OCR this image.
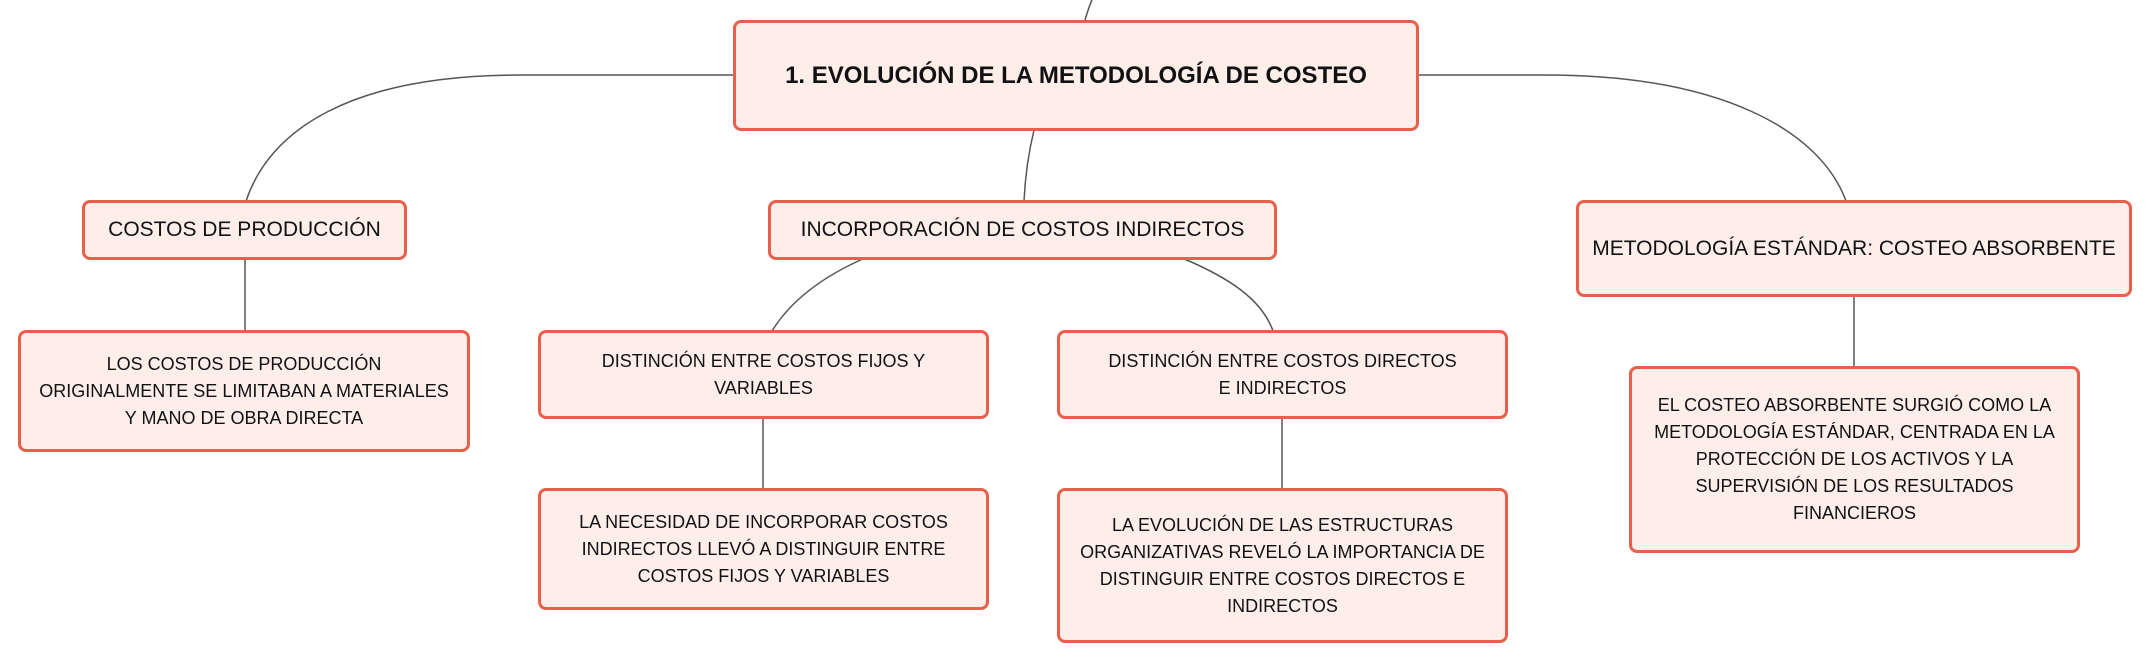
1. EVOLUCIÓN DE LA METODOLOGÍA DE COSTEO
COSTOS DE PRODUCCIÓN	INCORPORACIÓN DE COSTOS INDIRECTOS
METODOLOGÍA ESTÁNDAR: COSTEO ABSORBENTE
LOS COSTOS DE PRODUCCIÓN ORIGINALMENTE SE LIMITABAN A MATERIALES Y MANO DE OBRA DIRECTA
DISTINCIÓN ENTRE COSTOS FIJOS Y VARIABLES
DISTINCIÓN ENTRE COSTOS DIRECTOS E INDIRECTOS
EL COSTEO ABSORBENTE SURGIÓ COMO LA METODOLOGÍA ESTÁNDAR, CENTRADA EN LA PROTECCIÓN DE LOS ACTIVOS Y LA SUPERVISIÓN DE LOS RESULTADOS FINANCIEROS
LA NECESIDAD DE INCORPORAR COSTOS INDIRECTOS LLEVÓ A DISTINGUIR ENTRE COSTOS FIJOS Y VARIABLES
LA EVOLUCIÓN DE LAS ESTRUCTURAS ORGANIZATIVAS REVELÓ LA IMPORTANCIA DE DISTINGUIR ENTRE COSTOS DIRECTOS E INDIRECTOS
